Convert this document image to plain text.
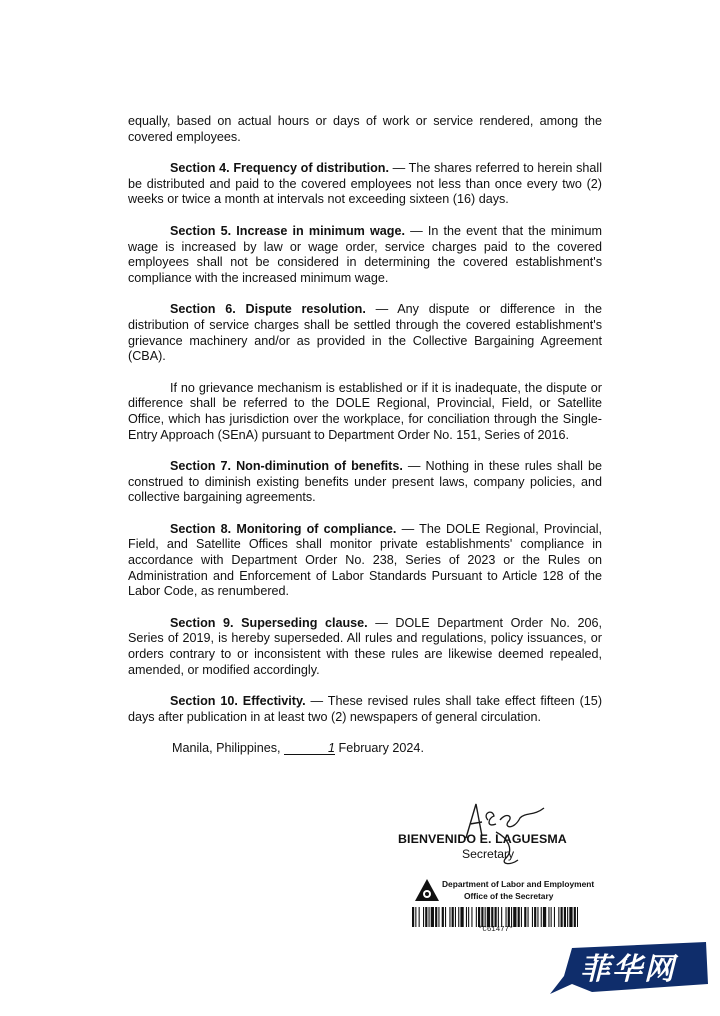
equally, based on actual hours or days of work or service rendered, among the covered employees.

Section 4. Frequency of distribution. — The shares referred to herein shall be distributed and paid to the covered employees not less than once every two (2) weeks or twice a month at intervals not exceeding sixteen (16) days.

Section 5. Increase in minimum wage. — In the event that the minimum wage is increased by law or wage order, service charges paid to the covered employees shall not be considered in determining the covered establishment's compliance with the increased minimum wage.

Section 6. Dispute resolution. — Any dispute or difference in the distribution of service charges shall be settled through the covered establishment's grievance machinery and/or as provided in the Collective Bargaining Agreement (CBA).

If no grievance mechanism is established or if it is inadequate, the dispute or difference shall be referred to the DOLE Regional, Provincial, Field, or Satellite Office, which has jurisdiction over the workplace, for conciliation through the Single-Entry Approach (SEnA) pursuant to Department Order No. 151, Series of 2016.

Section 7. Non-diminution of benefits. — Nothing in these rules shall be construed to diminish existing benefits under present laws, company policies, and collective bargaining agreements.

Section 8. Monitoring of compliance. — The DOLE Regional, Provincial, Field, and Satellite Offices shall monitor private establishments' compliance in accordance with Department Order No. 238, Series of 2023 or the Rules on Administration and Enforcement of Labor Standards Pursuant to Article 128 of the Labor Code, as renumbered.

Section 9. Superseding clause. — DOLE Department Order No. 206, Series of 2019, is hereby superseded. All rules and regulations, policy issuances, or orders contrary to or inconsistent with these rules are likewise deemed repealed, amended, or modified accordingly.

Section 10. Effectivity. — These revised rules shall take effect fifteen (15) days after publication in at least two (2) newspapers of general circulation.

Manila, Philippines,	1 February 2024.

BIENVENIDO E. LAGUESMA
Secretary
Department of Labor and Employment
Office of the Secretary
*C61477*
菲华网
